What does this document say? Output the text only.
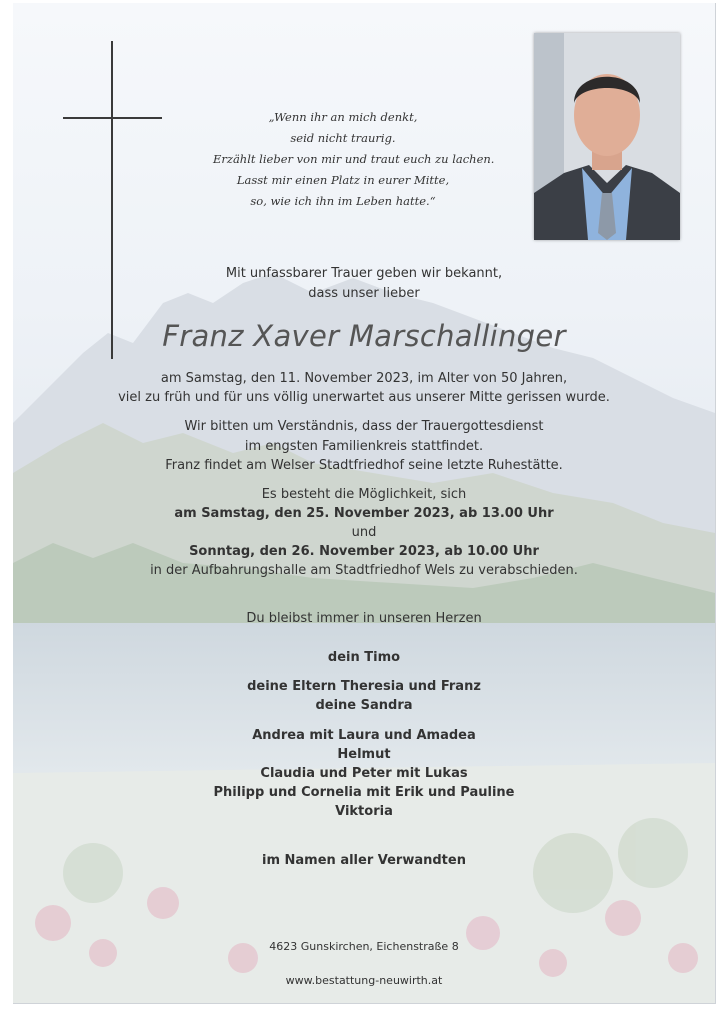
„Wenn ihr an mich denkt,
seid nicht traurig.
Erzählt lieber von mir und traut euch zu lachen.
Lasst mir einen Platz in eurer Mitte,
so, wie ich ihn im Leben hatte.“
Mit unfassbarer Trauer geben wir bekannt,
dass unser lieber
Franz Xaver Marschallinger
am Samstag, den 11. November 2023, im Alter von 50 Jahren,
viel zu früh und für uns völlig unerwartet aus unserer Mitte gerissen wurde.
Wir bitten um Verständnis, dass der Trauergottesdienst
im engsten Familienkreis stattfindet.
Franz findet am Welser Stadtfriedhof seine letzte Ruhestätte.
Es besteht die Möglichkeit, sich
am Samstag, den 25. November 2023, ab 13.00 Uhr
und
Sonntag, den 26. November 2023, ab 10.00 Uhr
in der Aufbahrungshalle am Stadtfriedhof Wels zu verabschieden.
Du bleibst immer in unseren Herzen
dein Timo
deine Eltern Theresia und Franz
deine Sandra
Andrea mit Laura und Amadea
Helmut
Claudia und Peter mit Lukas
Philipp und Cornelia mit Erik und Pauline
Viktoria
im Namen aller Verwandten
4623 Gunskirchen, Eichenstraße 8
www.bestattung-neuwirth.at
